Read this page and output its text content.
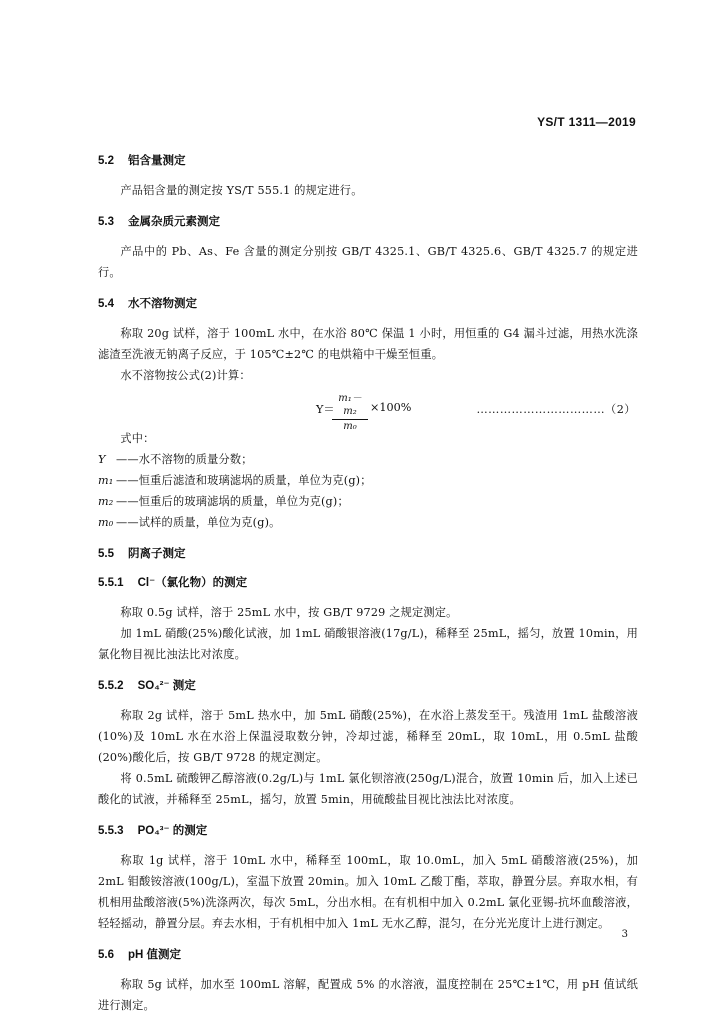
YS/T 1311—2019
5.2 铝含量测定

产品铝含量的测定按 YS/T 555.1 的规定进行。

5.3 金属杂质元素测定

产品中的 Pb、As、Fe 含量的测定分别按 GB/T 4325.1、GB/T 4325.6、GB/T 4325.7 的规定进行。

5.4 水不溶物测定

称取 20g 试样，溶于 100mL 水中，在水浴 80℃ 保温 1 小时，用恒重的 G4 漏斗过滤，用热水洗涤滤渣至洗液无钠离子反应，于 105℃±2℃ 的电烘箱中干燥至恒重。

水不溶物按公式(2)计算：

Y＝
$\frac{\text{m₁－m₂}}{\text{m₀}} \times 100\%$	……………………………（2）

式中：

Y ——水不溶物的质量分数；

m₁ ——恒重后滤渣和玻璃滤埚的质量，单位为克(g)；

m₂ ——恒重后的玻璃滤埚的质量，单位为克(g)；

m₀ ——试样的质量，单位为克(g)。

5.5 阴离子测定
5.5.1 Cl⁻（氯化物）的测定

称取 0.5g 试样，溶于 25mL 水中，按 GB/T 9729 之规定测定。

加 1mL 硝酸(25%)酸化试液，加 1mL 硝酸银溶液(17g/L)，稀释至 25mL，摇匀，放置 10min，用氯化物目视比浊法比对浓度。

5.5.2 SO₄²⁻ 测定

称取 2g 试样，溶于 5mL 热水中，加 5mL 硝酸(25%)，在水浴上蒸发至干。残渣用 1mL 盐酸溶液(10%)及 10mL 水在水浴上保温浸取数分钟，冷却过滤，稀释至 20mL，取 10mL，用 0.5mL 盐酸(20%)酸化后，按 GB/T 9728 的规定测定。

将 0.5mL 硫酸钾乙醇溶液(0.2g/L)与 1mL 氯化钡溶液(250g/L)混合，放置 10min 后，加入上述已酸化的试液，并稀释至 25mL，摇匀，放置 5min，用硫酸盐目视比浊法比对浓度。

5.5.3 PO₄³⁻ 的测定

称取 1g 试样，溶于 10mL 水中，稀释至 100mL，取 10.0mL，加入 5mL 硝酸溶液(25%)，加 2mL 钼酸铵溶液(100g/L)，室温下放置 20min。加入 10mL 乙酸丁酯，萃取，静置分层。弃取水相，有机相用盐酸溶液(5%)洗涤两次，每次 5mL，分出水相。在有机相中加入 0.2mL 氯化亚锡-抗坏血酸溶液，轻轻摇动，静置分层。弃去水相，于有机相中加入 1mL 无水乙醇，混匀，在分光光度计上进行测定。

5.6 pH 值测定

称取 5g 试样，加水至 100mL 溶解，配置成 5% 的水溶液，温度控制在 25℃±1℃，用 pH 值试纸进行测定。

3
